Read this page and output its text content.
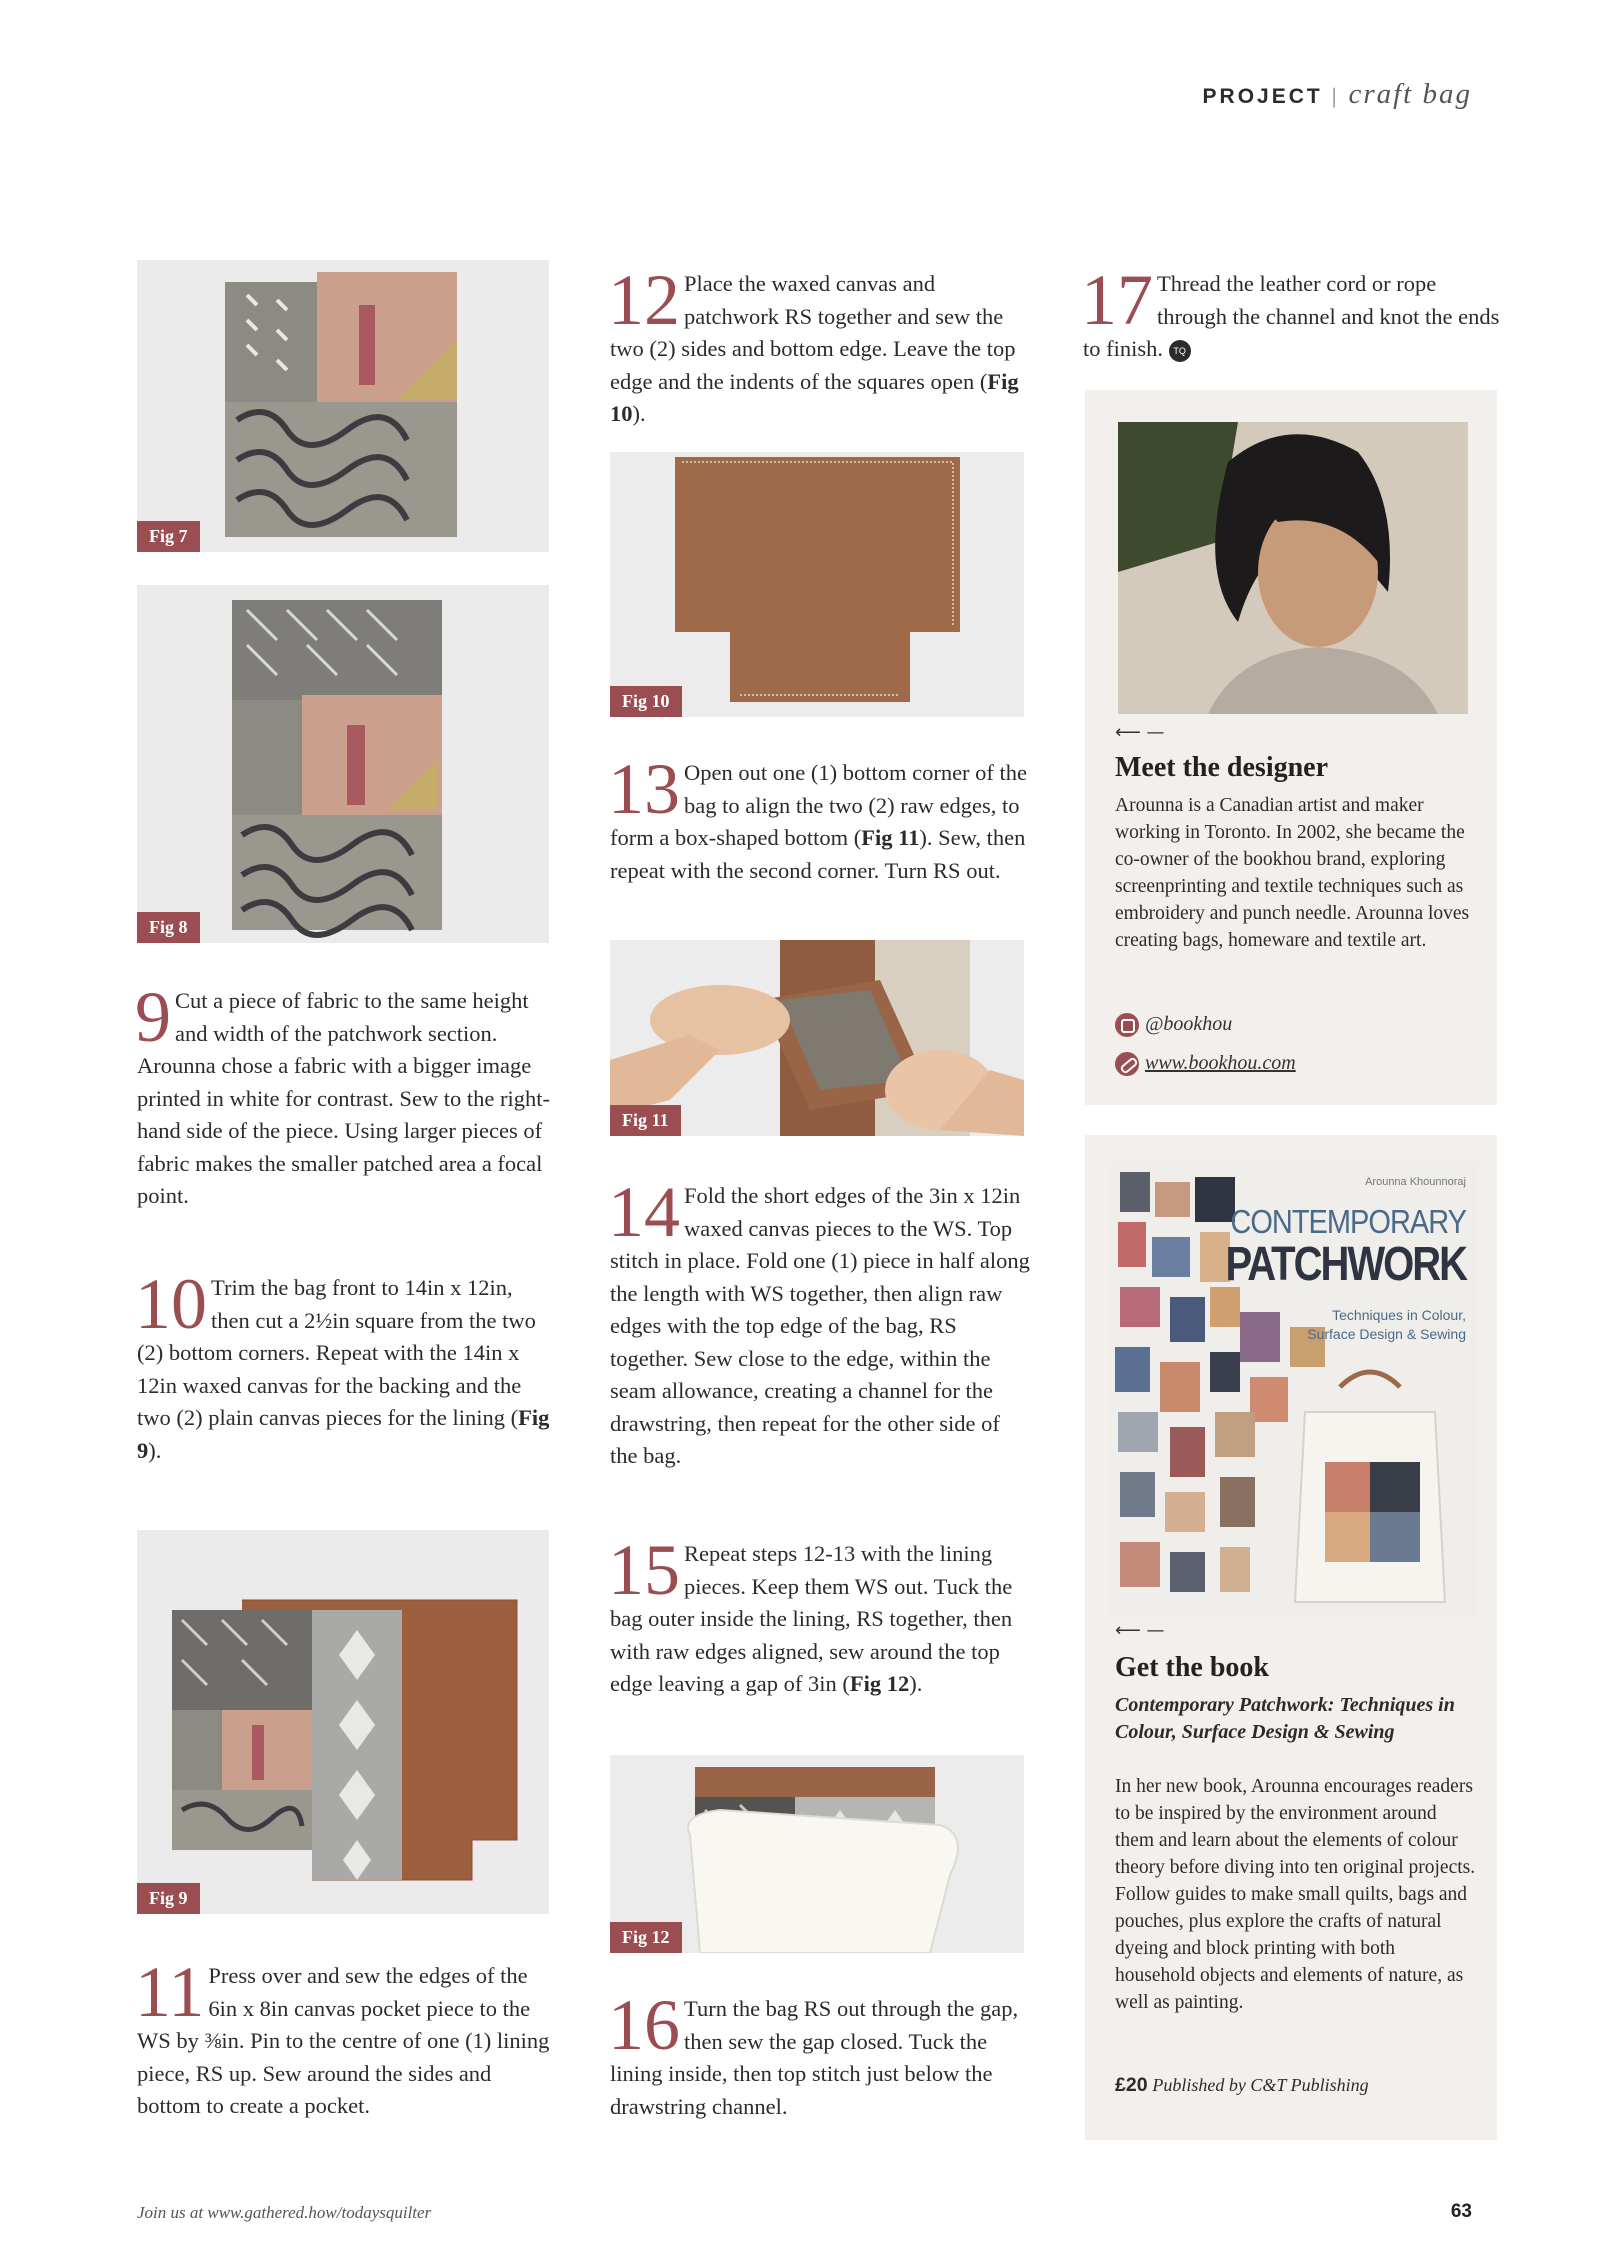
PROJECT | craft bag
Fig 7
Fig 8
9 Cut a piece of fabric to the same height and width of the patchwork section. Arounna chose a fabric with a bigger image printed in white for contrast. Sew to the right-hand side of the piece. Using larger pieces of fabric makes the smaller patched area a focal point.
10 Trim the bag front to 14in x 12in, then cut a 2½in square from the two (2) bottom corners. Repeat with the 14in x 12in waxed canvas for the backing and the two (2) plain canvas pieces for the lining (Fig 9).
Fig 9
11 Press over and sew the edges of the 6in x 8in canvas pocket piece to the WS by ⅜in. Pin to the centre of one (1) lining piece, RS up. Sew around the sides and bottom to create a pocket.
12 Place the waxed canvas and patchwork RS together and sew the two (2) sides and bottom edge. Leave the top edge and the indents of the squares open (Fig 10).
Fig 10
13 Open out one (1) bottom corner of the bag to align the two (2) raw edges, to form a box-shaped bottom (Fig 11). Sew, then repeat with the second corner. Turn RS out.
Fig 11
14 Fold the short edges of the 3in x 12in waxed canvas pieces to the WS. Top stitch in place. Fold one (1) piece in half along the length with WS together, then align raw edges with the top edge of the bag, RS together. Sew close to the edge, within the seam allowance, creating a channel for the drawstring, then repeat for the other side of the bag.
15 Repeat steps 12-13 with the lining pieces. Keep them WS out. Tuck the bag outer inside the lining, RS together, then with raw edges aligned, sew around the top edge leaving a gap of 3in (Fig 12).
Fig 12
16 Turn the bag RS out through the gap, then sew the gap closed. Tuck the lining inside, then top stitch just below the drawstring channel.
17 Thread the leather cord or rope through the channel and knot the ends to finish. TQ
⟵ —
Meet the designer
Arounna is a Canadian artist and maker working in Toronto. In 2002, she became the co-owner of the bookhou brand, exploring screenprinting and textile techniques such as embroidery and punch needle. Arounna loves creating bags, homeware and textile art.
@bookhou
www.bookhou.com
Arounna Khounnoraj
CONTEMPORARY
PATCHWORK
Techniques in Colour,
Surface Design & Sewing
⟵ —
Get the book
Contemporary Patchwork: Techniques in Colour, Surface Design & Sewing
In her new book, Arounna encourages readers to be inspired by the environment around them and learn about the elements of colour theory before diving into ten original projects. Follow guides to make small quilts, bags and pouches, plus explore the crafts of natural dyeing and block printing with both household objects and elements of nature, as well as painting.
£20 Published by C&T Publishing
Join us at www.gathered.how/todaysquilter	63
